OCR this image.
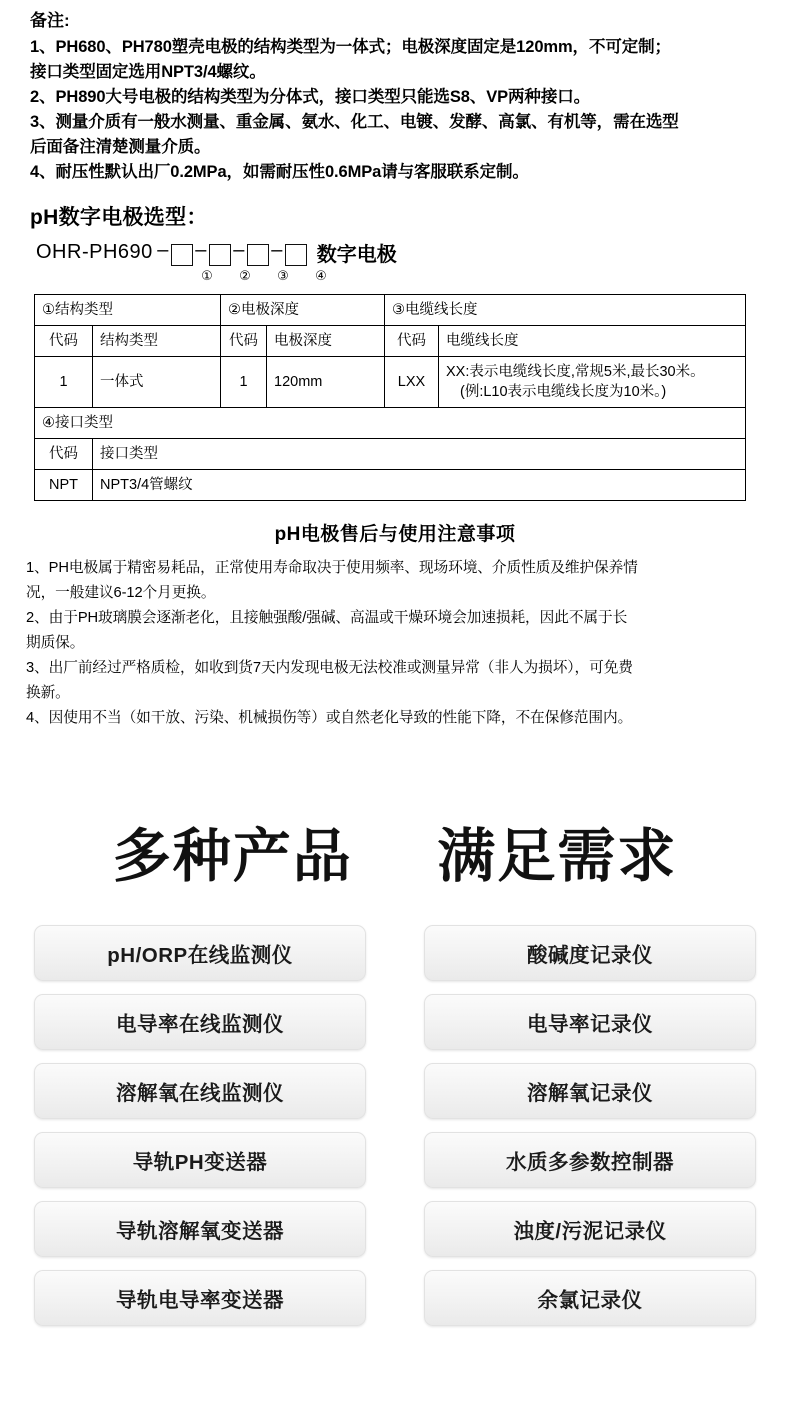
备注:
1、PH680、PH780塑壳电极的结构类型为一体式；电极深度固定是120mm，不可定制；
接口类型固定选用NPT3/4螺纹。
2、PH890大号电极的结构类型为分体式，接口类型只能选S8、VP两种接口。
3、测量介质有一般水测量、重金属、氨水、化工、电镀、发酵、高氯、有机等，需在选型
后面备注清楚测量介质。
4、耐压性默认出厂0.2MPa，如需耐压性0.6MPa请与客服联系定制。
pH数字电极选型：
OHR-PH690 – – – – 数字电极
①	②	③	④
①结构类型		②电极深度		③电缆线长度	
代码	结构类型	代码	电极深度	代码	电缆线长度
1	一体式	1	120mm	LXX	XX:表示电缆线长度,常规5米,最长30米。
(例:L10表示电缆线长度为10米。)

④接口类型					
代码	接口类型				
NPT	NPT3/4管螺纹				
pH电极售后与使用注意事项
1、PH电极属于精密易耗品，正常使用寿命取决于使用频率、现场环境、介质性质及维护保养情
况，一般建议6-12个月更换。
2、由于PH玻璃膜会逐渐老化，且接触强酸/强碱、高温或干燥环境会加速损耗，因此不属于长
期质保。
3、出厂前经过严格质检，如收到货7天内发现电极无法校准或测量异常（非人为损坏），可免费
换新。
4、因使用不当（如干放、污染、机械损伤等）或自然老化导致的性能下降，不在保修范围内。
多种产品 满足需求
pH/ORP在线监测仪	酸碱度记录仪
电导率在线监测仪	电导率记录仪
溶解氧在线监测仪	溶解氧记录仪
导轨PH变送器	水质多参数控制器
导轨溶解氧变送器	浊度/污泥记录仪
导轨电导率变送器	余氯记录仪
